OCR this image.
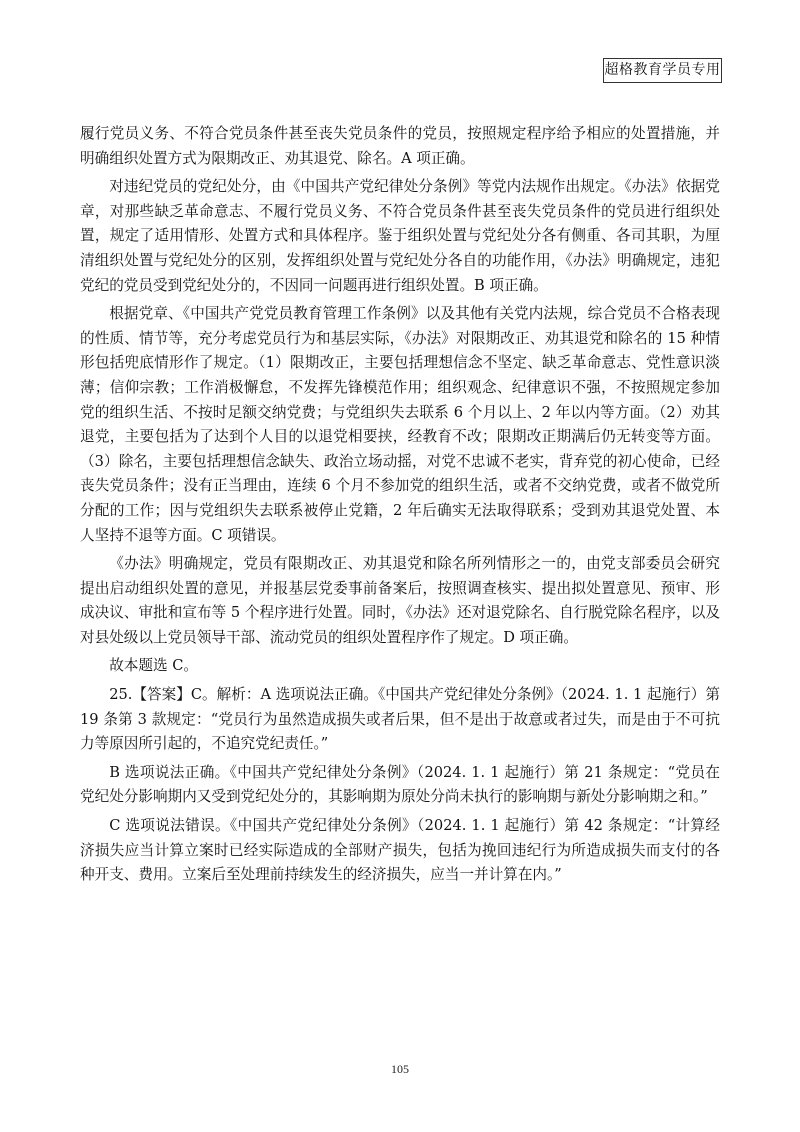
超格教育学员专用

履行党员义务、不符合党员条件甚至丧失党员条件的党员，按照规定程序给予相应的处置措施，并明确组织处置方式为限期改正、劝其退党、除名。A 项正确。

对违纪党员的党纪处分，由《中国共产党纪律处分条例》等党内法规作出规定。《办法》依据党章，对那些缺乏革命意志、不履行党员义务、不符合党员条件甚至丧失党员条件的党员进行组织处置，规定了适用情形、处置方式和具体程序。鉴于组织处置与党纪处分各有侧重、各司其职，为厘清组织处置与党纪处分的区别，发挥组织处置与党纪处分各自的功能作用，《办法》明确规定，违犯党纪的党员受到党纪处分的，不因同一问题再进行组织处置。B 项正确。

根据党章、《中国共产党党员教育管理工作条例》以及其他有关党内法规，综合党员不合格表现的性质、情节等，充分考虑党员行为和基层实际，《办法》对限期改正、劝其退党和除名的 15 种情形包括兜底情形作了规定。（1）限期改正，主要包括理想信念不坚定、缺乏革命意志、党性意识淡薄；信仰宗教；工作消极懈怠，不发挥先锋模范作用；组织观念、纪律意识不强，不按照规定参加党的组织生活、不按时足额交纳党费；与党组织失去联系 6 个月以上、2 年以内等方面。（2）劝其退党，主要包括为了达到个人目的以退党相要挟，经教育不改；限期改正期满后仍无转变等方面。（3）除名，主要包括理想信念缺失、政治立场动摇，对党不忠诚不老实，背弃党的初心使命，已经丧失党员条件；没有正当理由，连续 6 个月不参加党的组织生活，或者不交纳党费，或者不做党所分配的工作；因与党组织失去联系被停止党籍，2 年后确实无法取得联系；受到劝其退党处置、本人坚持不退等方面。C 项错误。

《办法》明确规定，党员有限期改正、劝其退党和除名所列情形之一的，由党支部委员会研究提出启动组织处置的意见，并报基层党委事前备案后，按照调查核实、提出拟处置意见、预审、形成决议、审批和宣布等 5 个程序进行处置。同时，《办法》还对退党除名、自行脱党除名程序，以及对县处级以上党员领导干部、流动党员的组织处置程序作了规定。D 项正确。

故本题选 C。

25.【答案】C。解析：A 选项说法正确。《中国共产党纪律处分条例》（2024. 1. 1 起施行）第 19 条第 3 款规定：“党员行为虽然造成损失或者后果，但不是出于故意或者过失，而是由于不可抗力等原因所引起的，不追究党纪责任。”

B 选项说法正确。《中国共产党纪律处分条例》（2024. 1. 1 起施行）第 21 条规定：“党员在党纪处分影响期内又受到党纪处分的，其影响期为原处分尚未执行的影响期与新处分影响期之和。”

C 选项说法错误。《中国共产党纪律处分条例》（2024. 1. 1 起施行）第 42 条规定：“计算经济损失应当计算立案时已经实际造成的全部财产损失，包括为挽回违纪行为所造成损失而支付的各种开支、费用。立案后至处理前持续发生的经济损失，应当一并计算在内。”

105
